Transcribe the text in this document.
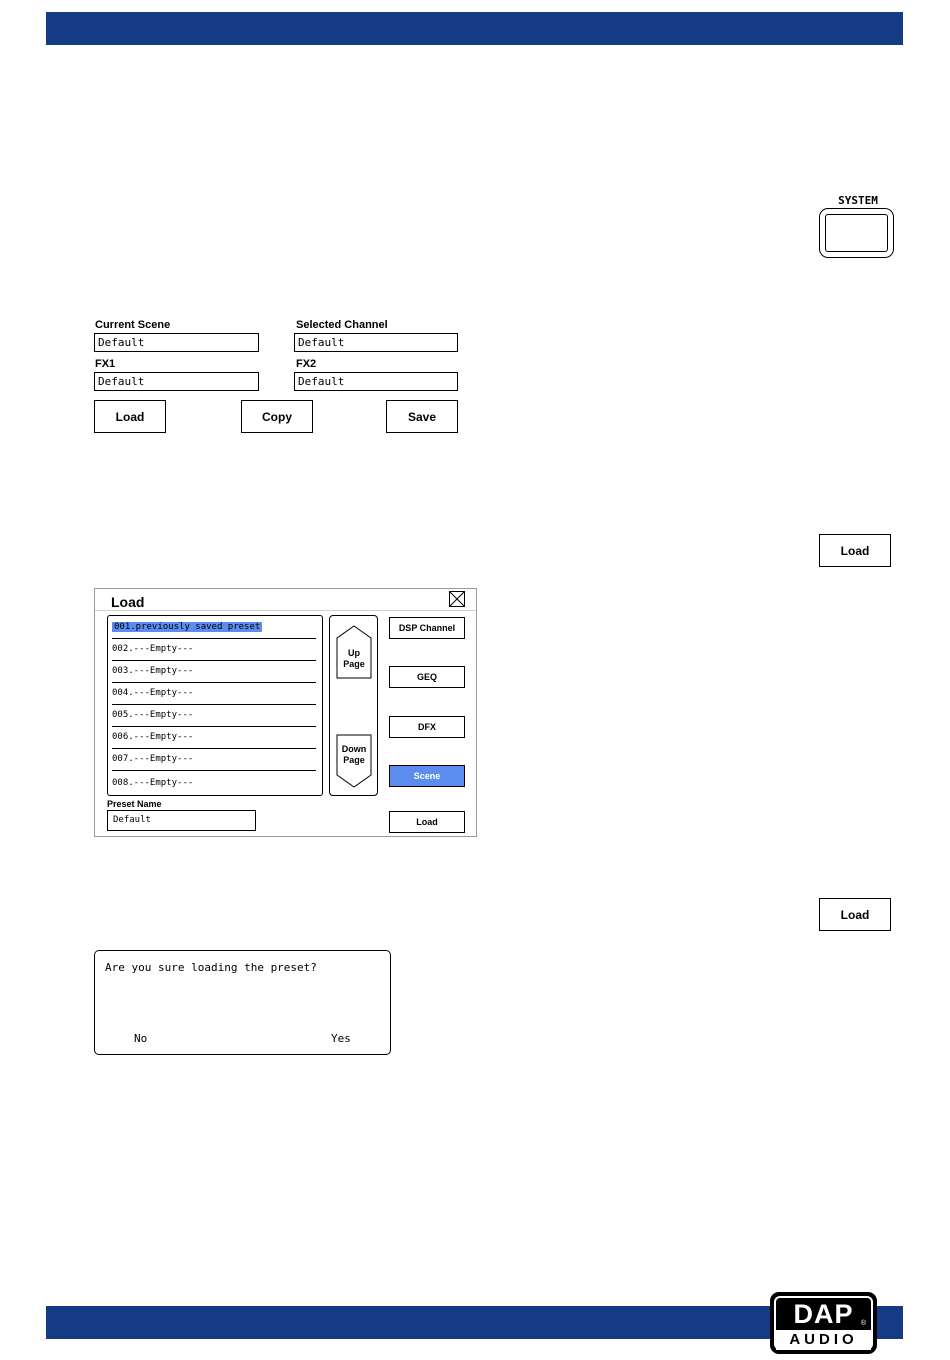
SYSTEM
Current Scene
Default
Selected Channel
Default
FX1
Default
FX2
Default
Load	Copy	Save
Load
Load
001.previously saved preset
002.---Empty---
003.---Empty---
004.---Empty---
005.---Empty---
006.---Empty---
007.---Empty---
008.---Empty---
Up
Page
Down
Page
DSP Channel
GEQ
DFX
Scene
Preset Name
Default	Load
Load
Are you sure loading the preset?
No	Yes
DAP	®
AUDIO
